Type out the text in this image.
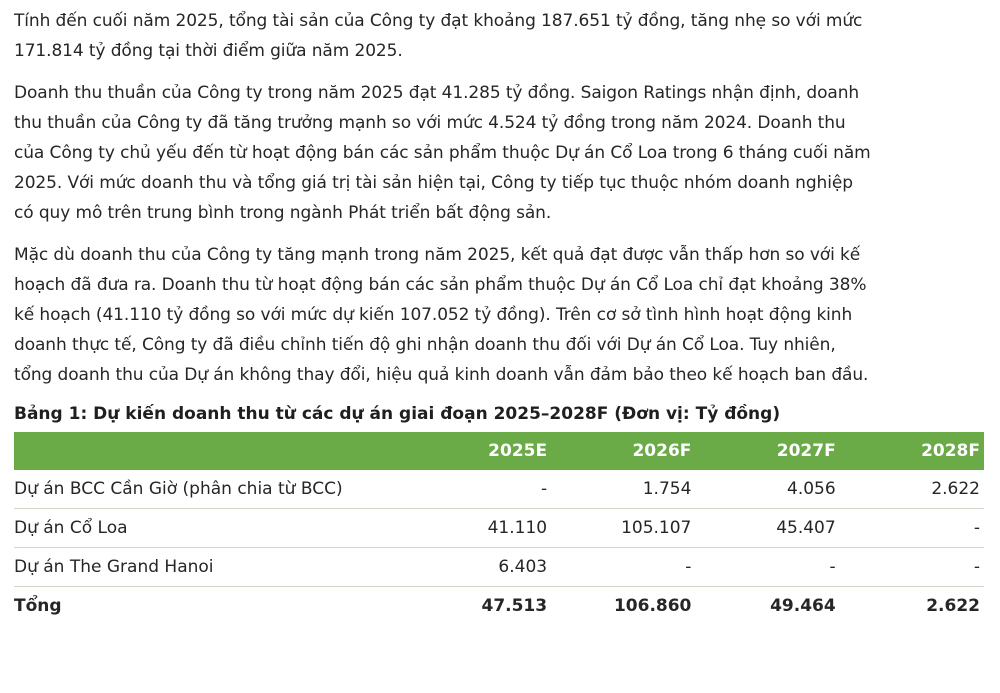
Tính đến cuối năm 2025, tổng tài sản của Công ty đạt khoảng 187.651 tỷ đồng, tăng nhẹ so với mức
171.814 tỷ đồng tại thời điểm giữa năm 2025.

Doanh thu thuần của Công ty trong năm 2025 đạt 41.285 tỷ đồng. Saigon Ratings nhận định, doanh
thu thuần của Công ty đã tăng trưởng mạnh so với mức 4.524 tỷ đồng trong năm 2024. Doanh thu
của Công ty chủ yếu đến từ hoạt động bán các sản phẩm thuộc Dự án Cổ Loa trong 6 tháng cuối năm
2025. Với mức doanh thu và tổng giá trị tài sản hiện tại, Công ty tiếp tục thuộc nhóm doanh nghiệp
có quy mô trên trung bình trong ngành Phát triển bất động sản.

Mặc dù doanh thu của Công ty tăng mạnh trong năm 2025, kết quả đạt được vẫn thấp hơn so với kế
hoạch đã đưa ra. Doanh thu từ hoạt động bán các sản phẩm thuộc Dự án Cổ Loa chỉ đạt khoảng 38%
kế hoạch (41.110 tỷ đồng so với mức dự kiến 107.052 tỷ đồng). Trên cơ sở tình hình hoạt động kinh
doanh thực tế, Công ty đã điều chỉnh tiến độ ghi nhận doanh thu đối với Dự án Cổ Loa. Tuy nhiên,
tổng doanh thu của Dự án không thay đổi, hiệu quả kinh doanh vẫn đảm bảo theo kế hoạch ban đầu.

Bảng 1: Dự kiến doanh thu từ các dự án giai đoạn 2025–2028F (Đơn vị: Tỷ đồng)
	2025E	2026F	2027F	2028F
Dự án BCC Cần Giờ (phân chia từ BCC)	-	1.754	4.056	2.622
Dự án Cổ Loa	41.110	105.107	45.407	-
Dự án The Grand Hanoi	6.403	-	-	-
Tổng	47.513	106.860	49.464	2.622
